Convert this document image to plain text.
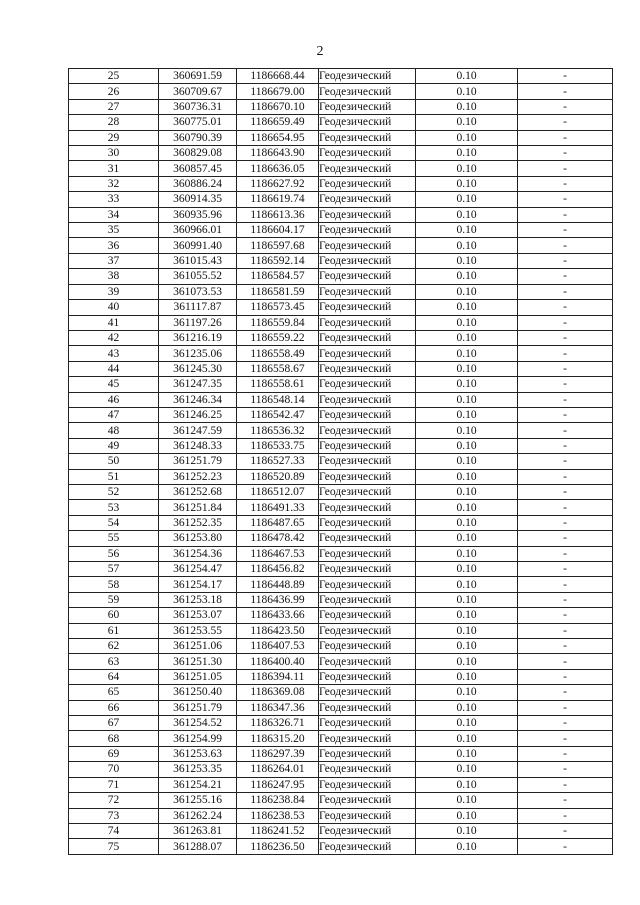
2
25	360691.59	1186668.44	Геодезический	0.10	-
26	360709.67	1186679.00	Геодезический	0.10	-
27	360736.31	1186670.10	Геодезический	0.10	-
28	360775.01	1186659.49	Геодезический	0.10	-
29	360790.39	1186654.95	Геодезический	0.10	-
30	360829.08	1186643.90	Геодезический	0.10	-
31	360857.45	1186636.05	Геодезический	0.10	-
32	360886.24	1186627.92	Геодезический	0.10	-
33	360914.35	1186619.74	Геодезический	0.10	-
34	360935.96	1186613.36	Геодезический	0.10	-
35	360966.01	1186604.17	Геодезический	0.10	-
36	360991.40	1186597.68	Геодезический	0.10	-
37	361015.43	1186592.14	Геодезический	0.10	-
38	361055.52	1186584.57	Геодезический	0.10	-
39	361073.53	1186581.59	Геодезический	0.10	-
40	361117.87	1186573.45	Геодезический	0.10	-
41	361197.26	1186559.84	Геодезический	0.10	-
42	361216.19	1186559.22	Геодезический	0.10	-
43	361235.06	1186558.49	Геодезический	0.10	-
44	361245.30	1186558.67	Геодезический	0.10	-
45	361247.35	1186558.61	Геодезический	0.10	-
46	361246.34	1186548.14	Геодезический	0.10	-
47	361246.25	1186542.47	Геодезический	0.10	-
48	361247.59	1186536.32	Геодезический	0.10	-
49	361248.33	1186533.75	Геодезический	0.10	-
50	361251.79	1186527.33	Геодезический	0.10	-
51	361252.23	1186520.89	Геодезический	0.10	-
52	361252.68	1186512.07	Геодезический	0.10	-
53	361251.84	1186491.33	Геодезический	0.10	-
54	361252.35	1186487.65	Геодезический	0.10	-
55	361253.80	1186478.42	Геодезический	0.10	-
56	361254.36	1186467.53	Геодезический	0.10	-
57	361254.47	1186456.82	Геодезический	0.10	-
58	361254.17	1186448.89	Геодезический	0.10	-
59	361253.18	1186436.99	Геодезический	0.10	-
60	361253.07	1186433.66	Геодезический	0.10	-
61	361253.55	1186423.50	Геодезический	0.10	-
62	361251.06	1186407.53	Геодезический	0.10	-
63	361251.30	1186400.40	Геодезический	0.10	-
64	361251.05	1186394.11	Геодезический	0.10	-
65	361250.40	1186369.08	Геодезический	0.10	-
66	361251.79	1186347.36	Геодезический	0.10	-
67	361254.52	1186326.71	Геодезический	0.10	-
68	361254.99	1186315.20	Геодезический	0.10	-
69	361253.63	1186297.39	Геодезический	0.10	-
70	361253.35	1186264.01	Геодезический	0.10	-
71	361254.21	1186247.95	Геодезический	0.10	-
72	361255.16	1186238.84	Геодезический	0.10	-
73	361262.24	1186238.53	Геодезический	0.10	-
74	361263.81	1186241.52	Геодезический	0.10	-
75	361288.07	1186236.50	Геодезический	0.10	-
